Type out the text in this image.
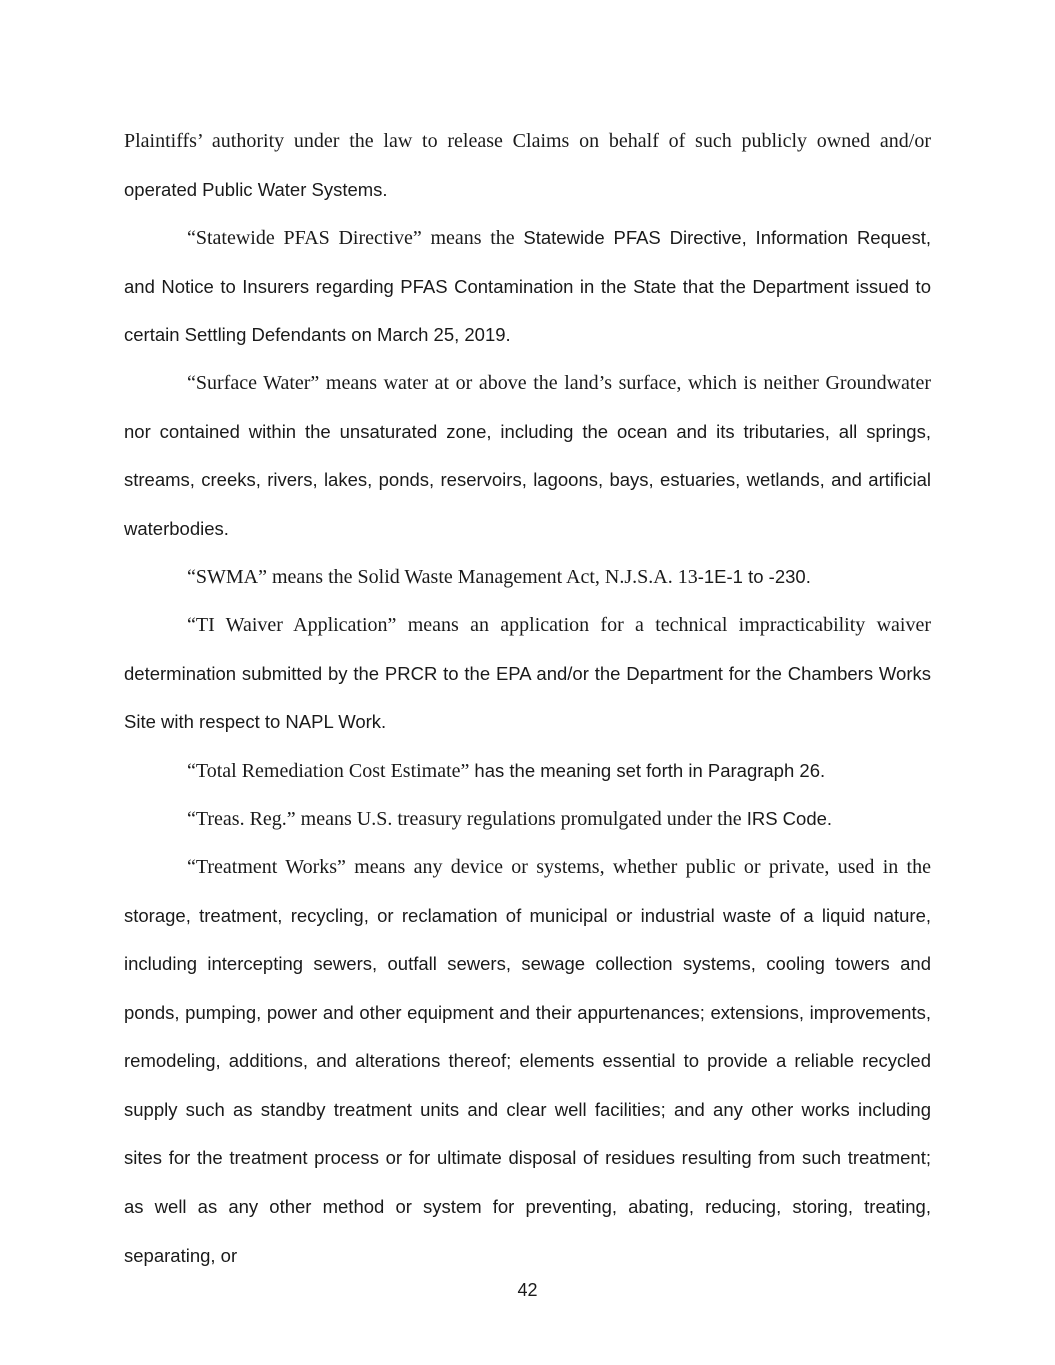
Plaintiffs’ authority under the law to release Claims on behalf of such publicly owned and/or operated Public Water Systems.

“Statewide PFAS Directive” means the Statewide PFAS Directive, Information Request, and Notice to Insurers regarding PFAS Contamination in the State that the Department issued to certain Settling Defendants on March 25, 2019.

“Surface Water” means water at or above the land’s surface, which is neither Groundwater nor contained within the unsaturated zone, including the ocean and its tributaries, all springs, streams, creeks, rivers, lakes, ponds, reservoirs, lagoons, bays, estuaries, wetlands, and artificial waterbodies.

“SWMA” means the Solid Waste Management Act, N.J.S.A. 13-1E-1 to -230.

“TI Waiver Application” means an application for a technical impracticability waiver determination submitted by the PRCR to the EPA and/or the Department for the Chambers Works Site with respect to NAPL Work.

“Total Remediation Cost Estimate” has the meaning set forth in Paragraph 26.

“Treas. Reg.” means U.S. treasury regulations promulgated under the IRS Code.

“Treatment Works” means any device or systems, whether public or private, used in the storage, treatment, recycling, or reclamation of municipal or industrial waste of a liquid nature, including intercepting sewers, outfall sewers, sewage collection systems, cooling towers and ponds, pumping, power and other equipment and their appurtenances; extensions, improvements, remodeling, additions, and alterations thereof; elements essential to provide a reliable recycled supply such as standby treatment units and clear well facilities; and any other works including sites for the treatment process or for ultimate disposal of residues resulting from such treatment; as well as any other method or system for preventing, abating, reducing, storing, treating, separating, or

42
